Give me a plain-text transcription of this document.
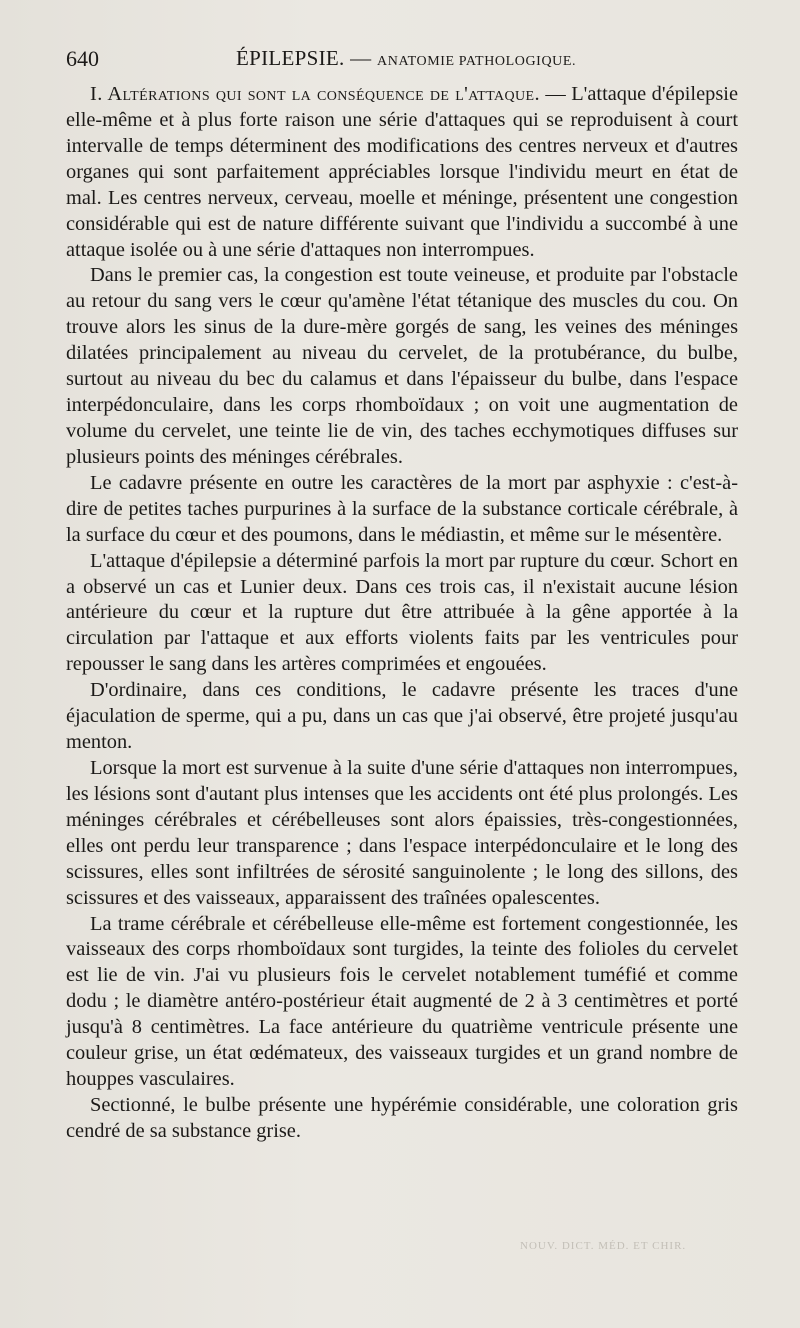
640	ÉPILEPSIE. — ANATOMIE PATHOLOGIQUE.

I. Altérations qui sont la conséquence de l'attaque. — L'attaque d'épilepsie elle-même et à plus forte raison une série d'attaques qui se reproduisent à court intervalle de temps déterminent des modifications des centres nerveux et d'autres organes qui sont parfaitement appréciables lorsque l'individu meurt en état de mal. Les centres nerveux, cerveau, moelle et méninge, présentent une congestion considérable qui est de nature différente suivant que l'individu a succombé à une attaque isolée ou à une série d'attaques non interrompues.

Dans le premier cas, la congestion est toute veineuse, et produite par l'obstacle au retour du sang vers le cœur qu'amène l'état tétanique des muscles du cou. On trouve alors les sinus de la dure-mère gorgés de sang, les veines des méninges dilatées principalement au niveau du cervelet, de la protubérance, du bulbe, surtout au niveau du bec du calamus et dans l'épaisseur du bulbe, dans l'espace interpédonculaire, dans les corps rhomboïdaux ; on voit une augmentation de volume du cervelet, une teinte lie de vin, des taches ecchymotiques diffuses sur plusieurs points des méninges cérébrales.

Le cadavre présente en outre les caractères de la mort par asphyxie : c'est-à-dire de petites taches purpurines à la surface de la substance corticale cérébrale, à la surface du cœur et des poumons, dans le médiastin, et même sur le mésentère.

L'attaque d'épilepsie a déterminé parfois la mort par rupture du cœur. Schort en a observé un cas et Lunier deux. Dans ces trois cas, il n'existait aucune lésion antérieure du cœur et la rupture dut être attribuée à la gêne apportée à la circulation par l'attaque et aux efforts violents faits par les ventricules pour repousser le sang dans les artères comprimées et engouées.

D'ordinaire, dans ces conditions, le cadavre présente les traces d'une éjaculation de sperme, qui a pu, dans un cas que j'ai observé, être projeté jusqu'au menton.

Lorsque la mort est survenue à la suite d'une série d'attaques non interrompues, les lésions sont d'autant plus intenses que les accidents ont été plus prolongés. Les méninges cérébrales et cérébelleuses sont alors épaissies, très-congestionnées, elles ont perdu leur transparence ; dans l'espace interpédonculaire et le long des scissures, elles sont infiltrées de sérosité sanguinolente ; le long des sillons, des scissures et des vaisseaux, apparaissent des traînées opalescentes.

La trame cérébrale et cérébelleuse elle-même est fortement congestionnée, les vaisseaux des corps rhomboïdaux sont turgides, la teinte des folioles du cervelet est lie de vin. J'ai vu plusieurs fois le cervelet notablement tuméfié et comme dodu ; le diamètre antéro-postérieur était augmenté de 2 à 3 centimètres et porté jusqu'à 8 centimètres. La face antérieure du quatrième ventricule présente une couleur grise, un état œdémateux, des vaisseaux turgides et un grand nombre de houppes vasculaires.

Sectionné, le bulbe présente une hypérémie considérable, une coloration gris cendré de sa substance grise.

NOUV. DICT. MÉD. ET CHIR.
